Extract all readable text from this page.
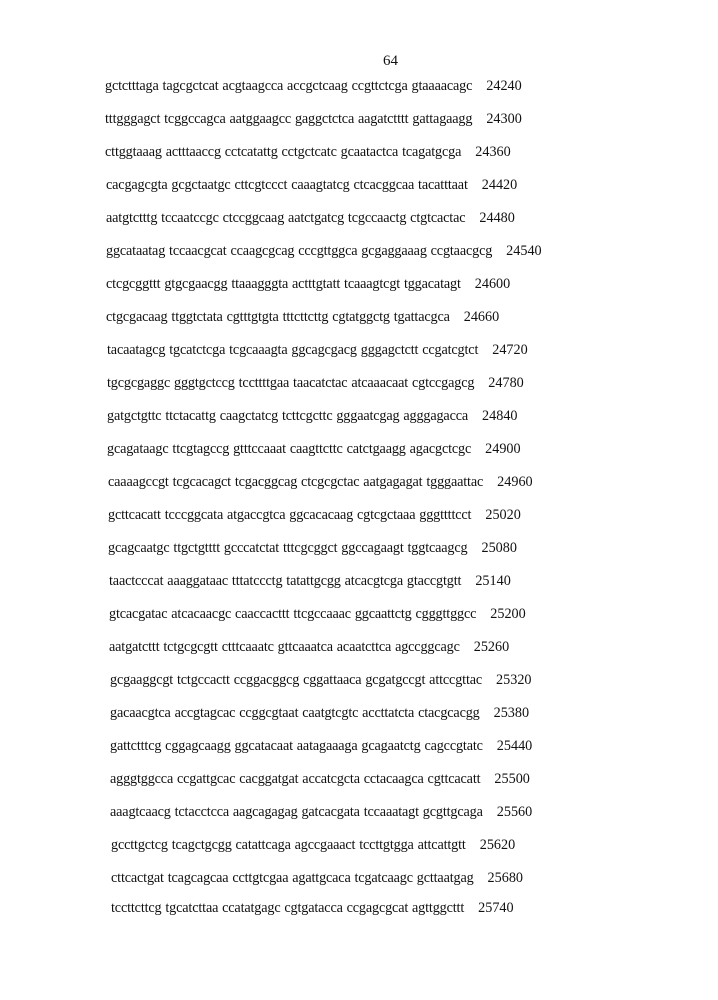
64
gctctttaga tagcgctcat acgtaagcca accgctcaag ccgttctcga gtaaaacagc 24240
tttgggagct tcggccagca aatggaagcc gaggctctca aagatctttt gattagaagg 24300
cttggtaaag actttaaccg cctcatattg cctgctcatc gcaatactca tcagatgcga 24360
cacgagcgta gcgctaatgc cttcgtccct caaagtatcg ctcacggcaa tacatttaat 24420
aatgtctttg tccaatccgc ctccggcaag aatctgatcg tcgccaactg ctgtcactac 24480
ggcataatag tccaacgcat ccaagcgcag cccgttggca gcgaggaaag ccgtaacgcg 24540
ctcgcggttt gtgcgaacgg ttaaagggta actttgtatt tcaaagtcgt tggacatagt 24600
ctgcgacaag ttggtctata cgtttgtgta tttcttcttg cgtatggctg tgattacgca 24660
tacaatagcg tgcatctcga tcgcaaagta ggcagcgacg gggagctctt ccgatcgtct 24720
tgcgcgaggc gggtgctccg tccttttgaa taacatctac atcaaacaat cgtccgagcg 24780
gatgctgttc ttctacattg caagctatcg tcttcgcttc gggaatcgag agggagacca 24840
gcagataagc ttcgtagccg gtttccaaat caagttcttc catctgaagg agacgctcgc 24900
caaaagccgt tcgcacagct tcgacggcag ctcgcgctac aatgagagat tgggaattac 24960
gcttcacatt tcccggcata atgaccgtca ggcacacaag cgtcgctaaa gggttttcct 25020
gcagcaatgc ttgctgtttt gcccatctat tttcgcggct ggccagaagt tggtcaagcg 25080
taactcccat aaaggataac tttatccctg tatattgcgg atcacgtcga gtaccgtgtt 25140
gtcacgatac atcacaacgc caaccacttt ttcgccaaac ggcaattctg cgggttggcc 25200
aatgatcttt tctgcgcgtt ctttcaaatc gttcaaatca acaatcttca agccggcagc 25260
gcgaaggcgt tctgccactt ccggacggcg cggattaaca gcgatgccgt attccgttac 25320
gacaacgtca accgtagcac ccggcgtaat caatgtcgtc accttatcta ctacgcacgg 25380
gattctttcg cggagcaagg ggcatacaat aatagaaaga gcagaatctg cagccgtatc 25440
agggtggcca ccgattgcac cacggatgat accatcgcta cctacaagca cgttcacatt 25500
aaagtcaacg tctacctcca aagcagagag gatcacgata tccaaatagt gcgttgcaga 25560
gccttgctcg tcagctgcgg catattcaga agccgaaact tccttgtgga attcattgtt 25620
cttcactgat tcagcagcaa ccttgtcgaa agattgcaca tcgatcaagc gcttaatgag 25680
tccttcttcg tgcatcttaa ccatatgagc cgtgatacca ccgagcgcat agttggcttt 25740
